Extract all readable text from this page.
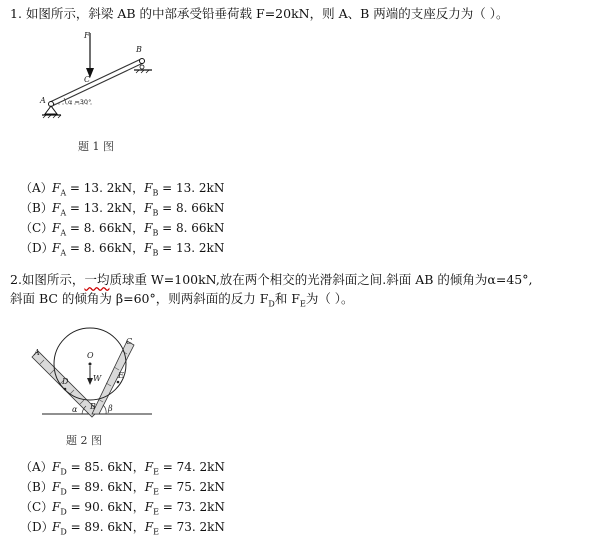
1. 如图所示，斜梁 AB 的中部承受铅垂荷载 F=20kN，则 A、B 两端的支座反力为（ ）。
F
C
A
B
α =30°
题 1 图
$(A)F_A = 13$. 2kN，$F_B = 13$. 2kN
$(B)F_A = 13$. 2kN，$F_B = 8$. 66kN
$(C)F_A = 8$. 66kN，$F_B = 8$. 66kN
$(D)F_A = 8$. 66kN，$F_B = 13$. 2kN
2.如图所示，一均质球重 W=100kN,放在两个相交的光滑斜面之间.斜面 AB 的倾角为α=45°,
斜面 BC 的倾角为 β=60°，则两斜面的反力 $F_D$和 $F_E$为（ ）。
A
B
C
D
E
O
W
α	β
题 2 图
$(A)F_D = 85$. 6kN，$F_E = 74$. 2kN
$(B)F_D = 89$. 6kN，$F_E = 75$. 2kN
$(C)F_D = 90$. 6kN，$F_E = 73$. 2kN
$(D)F_D = 89$. 6kN，$F_E = 73$. 2kN
